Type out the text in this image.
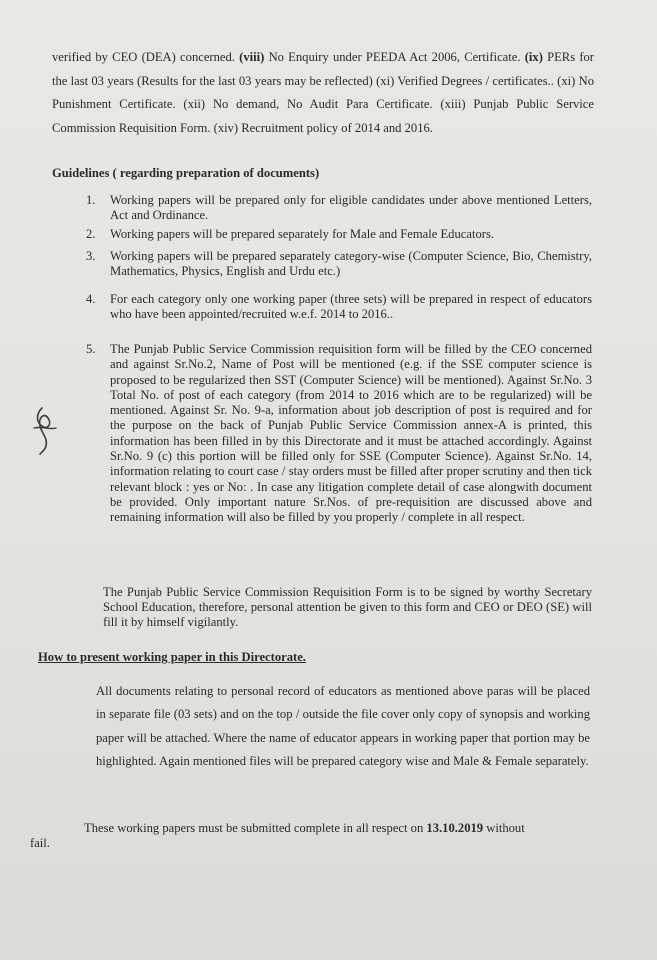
verified by CEO (DEA) concerned. (viii) No Enquiry under PEEDA Act 2006, Certificate. (ix) PERs for the last 03 years (Results for the last 03 years may be reflected) (xi) Verified Degrees / certificates.. (xi) No Punishment Certificate. (xii) No demand, No Audit Para Certificate. (xiii) Punjab Public Service Commission Requisition Form. (xiv) Recruitment policy of 2014 and 2016.
Guidelines ( regarding preparation of documents)
1.	Working papers will be prepared only for eligible candidates under above mentioned Letters, Act and Ordinance.
2.	Working papers will be prepared separately for Male and Female Educators.
3.	Working papers will be prepared separately category-wise (Computer Science, Bio, Chemistry, Mathematics, Physics, English and Urdu etc.)
4.	For each category only one working paper (three sets) will be prepared in respect of educators who have been appointed/recruited w.e.f. 2014 to 2016..
5.	The Punjab Public Service Commission requisition form will be filled by the CEO concerned and against Sr.No.2, Name of Post will be mentioned (e.g. if the SSE computer science is proposed to be regularized then SST (Computer Science) will be mentioned). Against Sr.No. 3 Total No. of post of each category (from 2014 to 2016 which are to be regularized) will be mentioned. Against Sr. No. 9-a, information about job description of post is required and for the purpose on the back of Punjab Public Service Commission annex-A is printed, this information has been filled in by this Directorate and it must be attached accordingly. Against Sr.No. 9 (c) this portion will be filled only for SSE (Computer Science). Against Sr.No. 14, information relating to court case / stay orders must be filled after proper scrutiny and then tick relevant block : yes or No: . In case any litigation complete detail of case alongwith document be provided. Only important nature Sr.Nos. of pre-requisition are discussed above and remaining information will also be filled by you properly / complete in all respect.
The Punjab Public Service Commission Requisition Form is to be signed by worthy Secretary School Education, therefore, personal attention be given to this form and CEO or DEO (SE) will fill it by himself vigilantly.
How to present working paper in this Directorate.
All documents relating to personal record of educators as mentioned above paras will be placed in separate file (03 sets) and on the top / outside the file cover only copy of synopsis and working paper will be attached. Where the name of educator appears in working paper that portion may be highlighted. Again mentioned files will be prepared category wise and Male & Female separately.
These working papers must be submitted complete in all respect on 13.10.2019 without
fail.
